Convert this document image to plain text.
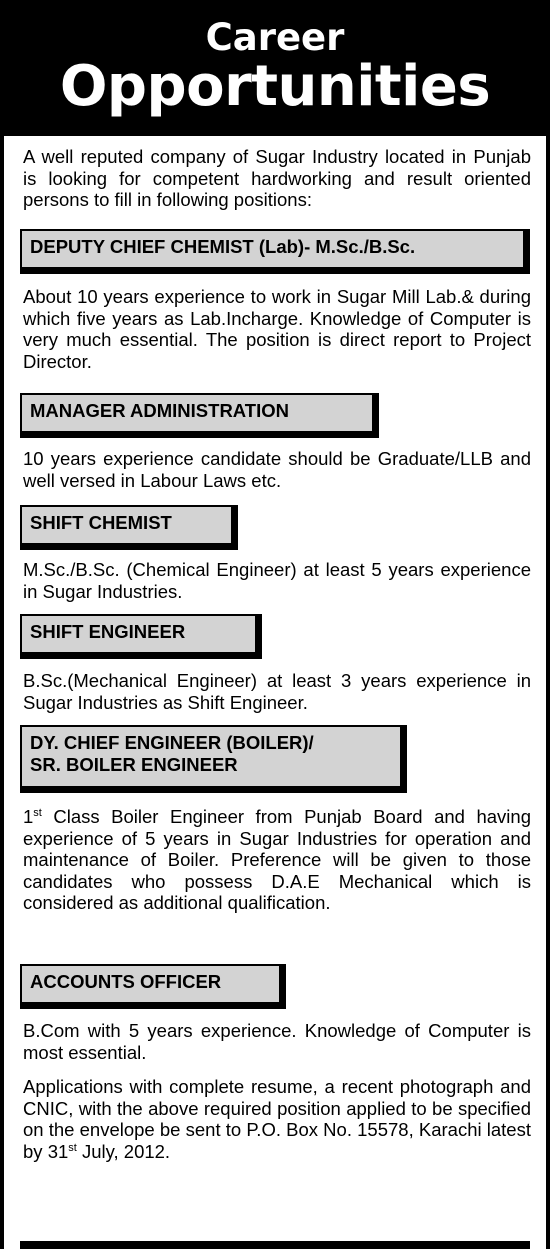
Career
Opportunities

A well reputed company of Sugar Industry located in Punjab is looking for competent hardworking and result oriented persons to fill in following positions:

DEPUTY CHIEF CHEMIST (Lab)- M.Sc./B.Sc.

About 10 years experience to work in Sugar Mill Lab.& during which five years as Lab.Incharge. Knowledge of Computer is very much essential. The position is direct report to Project Director.

MANAGER ADMINISTRATION

10 years experience candidate should be Graduate/LLB and well versed in Labour Laws etc.

SHIFT CHEMIST

M.Sc./B.Sc. (Chemical Engineer) at least 5 years experience in Sugar Industries.

SHIFT ENGINEER

B.Sc.(Mechanical Engineer) at least 3 years experience in Sugar Industries as Shift Engineer.

DY. CHIEF ENGINEER (BOILER)/
SR. BOILER ENGINEER

1st Class Boiler Engineer from Punjab Board and having experience of 5 years in Sugar Industries for operation and maintenance of Boiler. Preference will be given to those candidates who possess D.A.E Mechanical which is considered as additional qualification.

ACCOUNTS OFFICER

B.Com with 5 years experience. Knowledge of Computer is most essential.

Applications with complete resume, a recent photograph and CNIC, with the above required position applied to be specified on the envelope be sent to P.O. Box No. 15578, Karachi latest by 31st July, 2012.
